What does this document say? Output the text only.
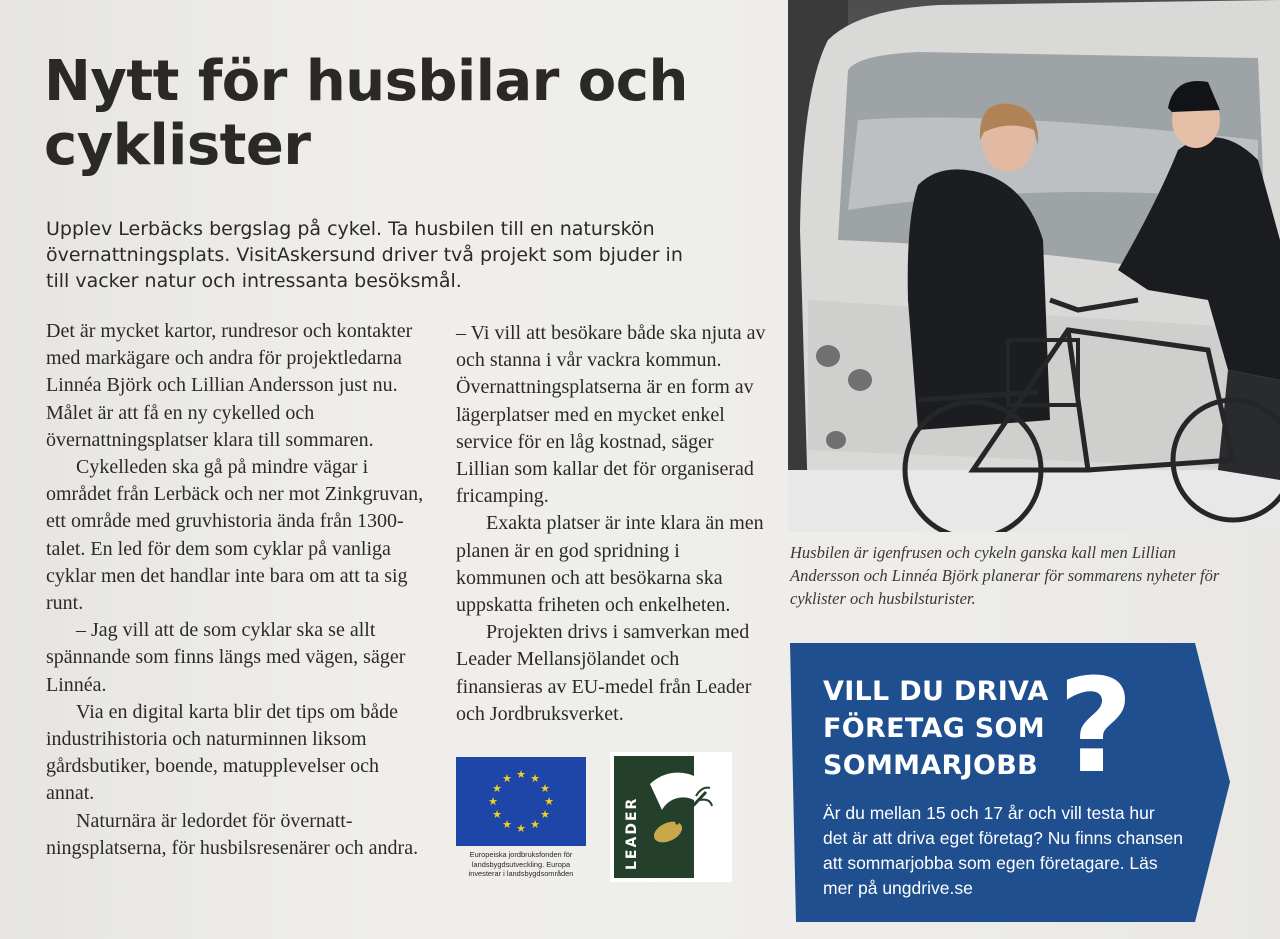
Nytt för husbilar och cyklister

Upplev Lerbäcks bergslag på cykel. Ta husbilen till en naturskön övernattningsplats. VisitAskersund driver två projekt som bjuder in till vacker natur och intressanta besöksmål.

Det är mycket kartor, rundresor och kontakter med markägare och andra för projektledarna Linnéa Björk och Lillian Andersson just nu. Målet är att få en ny cykelled och övernattningsplatser klara till sommaren.

Cykelleden ska gå på mindre vägar i området från Lerbäck och ner mot Zinkgruvan, ett område med gruvhistoria ända från 1300-talet. En led för dem som cyklar på vanliga cyklar men det handlar inte bara om att ta sig runt.

– Jag vill att de som cyklar ska se allt spännande som finns längs med vägen, säger Linnéa.

Via en digital karta blir det tips om både industrihistoria och naturminnen liksom gårdsbutiker, boende, matupplevelser och annat.

Naturnära är ledordet för övernattningsplatserna, för husbilsresenärer och andra.

– Vi vill att besökare både ska njuta av och stanna i vår vackra kommun. Övernattningsplatserna är en form av lägerplatser med en mycket enkel service för en låg kostnad, säger Lillian som kallar det för organiserad fricamping.

Exakta platser är inte klara än men planen är en god spridning i kommunen och att besökarna ska uppskatta friheten och enkelheten.

Projekten drivs i samverkan med Leader Mellansjölandet och finansieras av EU-medel från Leader och Jordbruksverket.

★ ★
★
★
★
★
★
★
★
★
★
★

Europeiska jordbruksfonden för landsbygdsutveckling. Europa investerar i landsbygdsområden

LEADER

Husbilen är igenfrusen och cykeln ganska kall men Lillian Andersson och Linnéa Björk planerar för sommarens nyheter för cyklister och husbilsturister.

VILL DU DRIVA FÖRETAG SOM SOMMARJOBB ?

Är du mellan 15 och 17 år och vill testa hur det är att driva eget företag? Nu finns chansen att sommarjobba som egen företagare. Läs mer på ungdrive.se
